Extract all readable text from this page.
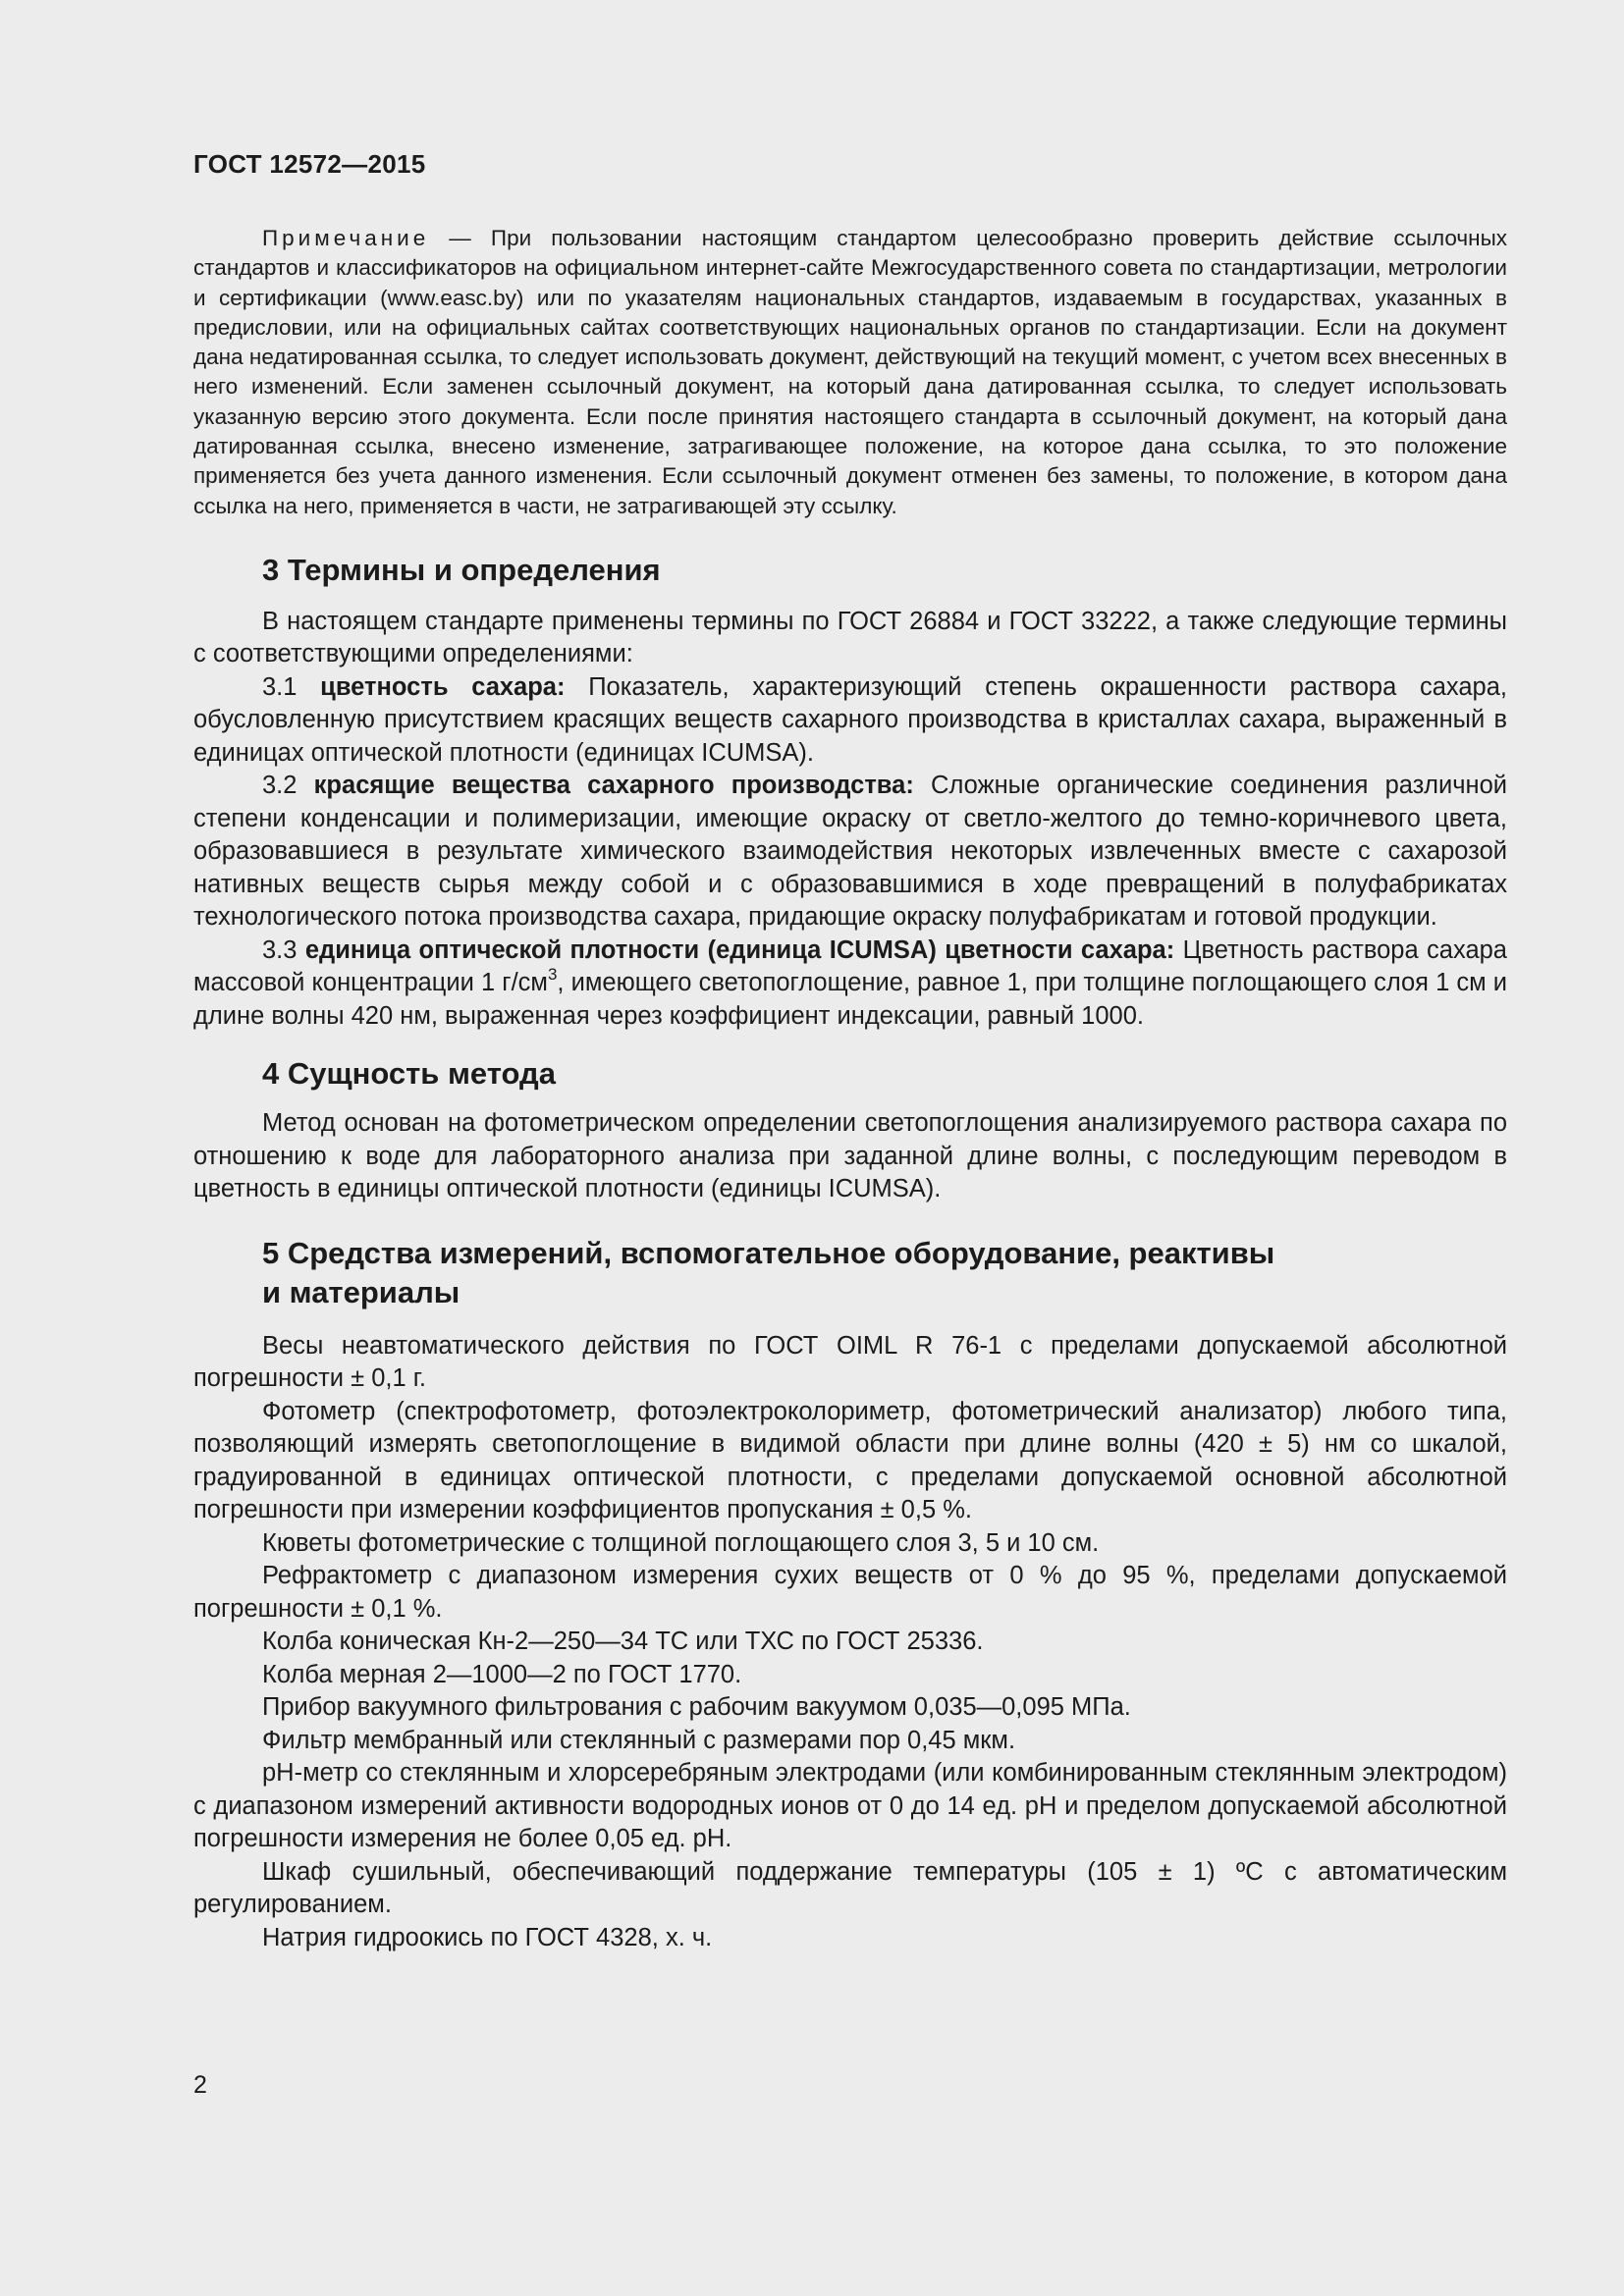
ГОСТ 12572—2015

Примечание — При пользовании настоящим стандартом целесообразно проверить действие ссылочных стандартов и классификаторов на официальном интернет-сайте Межгосударственного совета по стандартизации, метрологии и сертификации (www.easc.by) или по указателям национальных стандартов, издаваемым в государствах, указанных в предисловии, или на официальных сайтах соответствующих национальных органов по стандартизации. Если на документ дана недатированная ссылка, то следует использовать документ, действующий на текущий момент, с учетом всех внесенных в него изменений. Если заменен ссылочный документ, на который дана датированная ссылка, то следует использовать указанную версию этого документа. Если после принятия настоящего стандарта в ссылочный документ, на который дана датированная ссылка, внесено изменение, затрагивающее положение, на которое дана ссылка, то это положение применяется без учета данного изменения. Если ссылочный документ отменен без замены, то положение, в котором дана ссылка на него, применяется в части, не затрагивающей эту ссылку.

3 Термины и определения

В настоящем стандарте применены термины по ГОСТ 26884 и ГОСТ 33222, а также следующие термины с соответствующими определениями:

3.1 цветность сахара: Показатель, характеризующий степень окрашенности раствора сахара, обусловленную присутствием красящих веществ сахарного производства в кристаллах сахара, выраженный в единицах оптической плотности (единицах ICUMSA).

3.2 красящие вещества сахарного производства: Сложные органические соединения различной степени конденсации и полимеризации, имеющие окраску от светло-желтого до темно-коричневого цвета, образовавшиеся в результате химического взаимодействия некоторых извлеченных вместе с сахарозой нативных веществ сырья между собой и с образовавшимися в ходе превращений в полуфабрикатах технологического потока производства сахара, придающие окраску полуфабрикатам и готовой продукции.

3.3 единица оптической плотности (единица ICUMSA) цветности сахара: Цветность раствора сахара массовой концентрации 1 $г/см^3$, имеющего светопоглощение, равное 1, при толщине поглощающего слоя 1 см и длине волны 420 нм, выраженная через коэффициент индексации, равный 1000.

4 Сущность метода

Метод основан на фотометрическом определении светопоглощения анализируемого раствора сахара по отношению к воде для лабораторного анализа при заданной длине волны, с последующим переводом в цветность в единицы оптической плотности (единицы ICUMSA).

5 Средства измерений, вспомогательное оборудование, реактивы
и материалы

Весы неавтоматического действия по ГОСТ OIML R 76-1 с пределами допускаемой абсолютной погрешности ± 0,1 г.

Фотометр (спектрофотометр, фотоэлектроколориметр, фотометрический анализатор) любого типа, позволяющий измерять светопоглощение в видимой области при длине волны (420 ± 5) нм со шкалой, градуированной в единицах оптической плотности, с пределами допускаемой основной абсолютной погрешности при измерении коэффициентов пропускания ± 0,5 %.

Кюветы фотометрические с толщиной поглощающего слоя 3, 5 и 10 см.

Рефрактометр с диапазоном измерения сухих веществ от 0 % до 95 %, пределами допускаемой погрешности ± 0,1 %.

Колба коническая Кн-2—250—34 ТС или ТХС по ГОСТ 25336.

Колба мерная 2—1000—2 по ГОСТ 1770.

Прибор вакуумного фильтрования с рабочим вакуумом 0,035—0,095 МПа.

Фильтр мембранный или стеклянный с размерами пор 0,45 мкм.

рН-метр со стеклянным и хлорсеребряным электродами (или комбинированным стеклянным электродом) с диапазоном измерений активности водородных ионов от 0 до 14 ед. рН и пределом допускаемой абсолютной погрешности измерения не более 0,05 ед. рН.

Шкаф сушильный, обеспечивающий поддержание температуры (105 ± 1) ºС с автоматическим регулированием.

Натрия гидроокись по ГОСТ 4328, х. ч.

2
